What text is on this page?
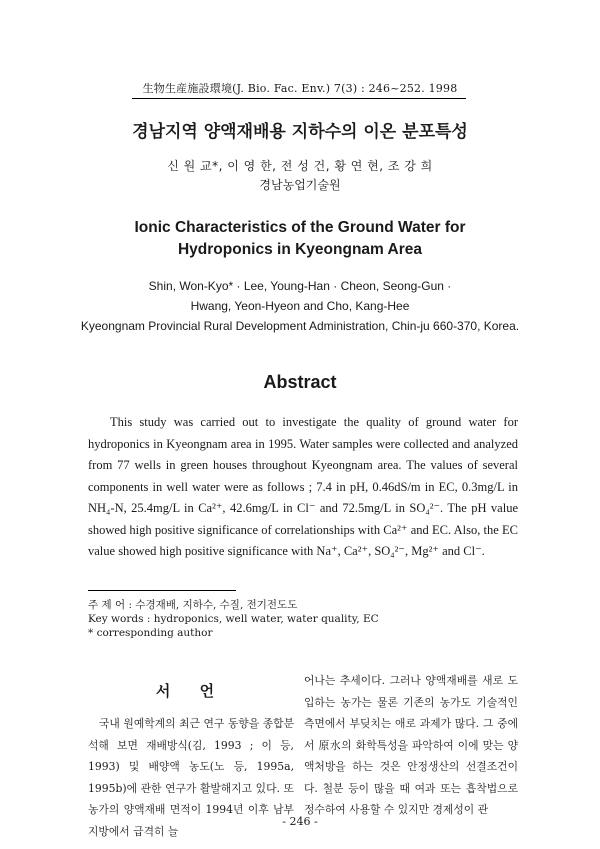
生物生産施設環境(J. Bio. Fac. Env.) 7(3) : 246~252. 1998
경남지역 양액재배용 지하수의 이온 분포특성
신 원 교*, 이 영 한, 전 성 건, 황 연 현, 조 강 희
경남농업기술원
Ionic Characteristics of the Ground Water for Hydroponics in Kyeongnam Area
Shin, Won-Kyo* · Lee, Young-Han · Cheon, Seong-Gun ·
Hwang, Yeon-Hyeon and Cho, Kang-Hee
Kyeongnam Provincial Rural Development Administration, Chin-ju 660-370, Korea.
Abstract
This study was carried out to investigate the quality of ground water for hydroponics in Kyeongnam area in 1995. Water samples were collected and analyzed from 77 wells in green houses throughout Kyeongnam area. The values of several components in well water were as follows ; 7.4 in pH, 0.46dS/m in EC, 0.3mg/L in NH₄-N, 25.4mg/L in Ca²⁺, 42.6mg/L in Cl⁻ and 72.5mg/L in SO₄²⁻. The pH value showed high positive significance of correlationships with Ca²⁺ and EC. Also, the EC value showed high positive significance with Na⁺, Ca²⁺, SO₄²⁻, Mg²⁺ and Cl⁻.
주 제 어 : 수경재배, 지하수, 수질, 전기전도도
Key words : hydroponics, well water, water quality, EC
* corresponding author
서 언
국내 원예학계의 최근 연구 동향을 종합분석해 보면 재배방식(김, 1993 ; 이 등, 1993) 및 배양액 농도(노 등, 1995a, 1995b)에 관한 연구가 활발해지고 있다. 또 농가의 양액재배 면적이 1994년 이후 남부지방에서 급격히 늘
어나는 추세이다. 그러나 양액재배를 새로 도입하는 농가는 물론 기존의 농가도 기술적인 측면에서 부딪치는 애로 과제가 많다. 그 중에서 原水의 화학특성을 파악하여 이에 맞는 양액처방을 하는 것은 안정생산의 선결조건이다. 철분 등이 많을 때 여과 또는 흡착법으로 정수하여 사용할 수 있지만 경제성이 관
- 246 -
